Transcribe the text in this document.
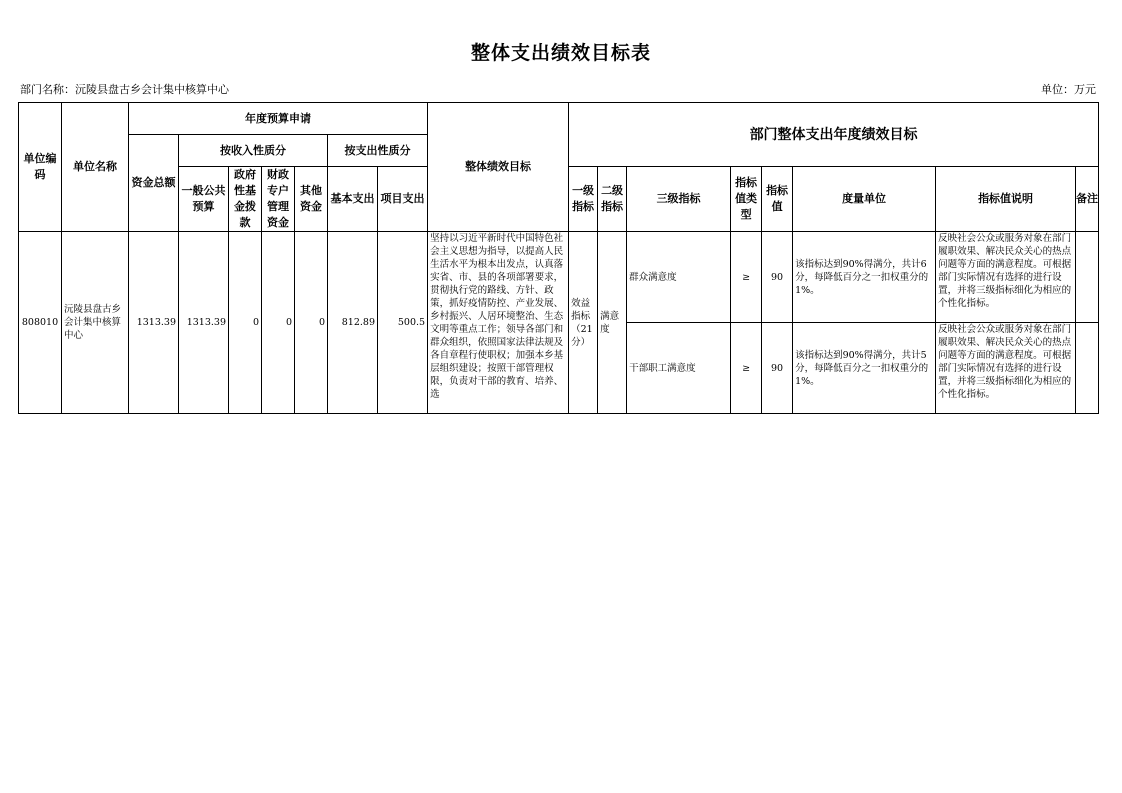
整体支出绩效目标表
部门名称：沅陵县盘古乡会计集中核算中心	单位：万元
单位编码	单位名称	年度预算申请							整体绩效目标	部门整体支出年度绩效目标							
		资金总额	按收入性质分				按支出性质分										
			一般公共预算	政府性基金拨款	财政专户管理资金	其他资金	基本支出	项目支出		一级指标	二级指标	三级指标	指标值类型	指标值	度量单位	指标值说明	备注
808010	沅陵县盘古乡会计集中核算中心	1313.39	1313.39	0	0	0	812.89	500.5	坚持以习近平新时代中国特色社会主义思想为指导，以提高人民生活水平为根本出发点，认真落实省、市、县的各项部署要求，贯彻执行党的路线、方针、政策，抓好疫情防控、产业发展、乡村振兴、人居环境整治、生态文明等重点工作；领导各部门和群众组织，依照国家法律法规及各自章程行使职权；加强本乡基层组织建设；按照干部管理权限，负责对干部的教育、培养、选	效益指标（21分）	满意度	群众满意度	≥	90	该指标达到90%得满分，共计6分，每降低百分之一扣权重分的1%。	反映社会公众或服务对象在部门履职效果、解决民众关心的热点问题等方面的满意程度。可根据部门实际情况有选择的进行设置，并将三级指标细化为相应的个性化指标。	

												干部职工满意度	≥	90	该指标达到90%得满分，共计5分，每降低百分之一扣权重分的1%。	反映社会公众或服务对象在部门履职效果、解决民众关心的热点问题等方面的满意程度。可根据部门实际情况有选择的进行设置，并将三级指标细化为相应的个性化指标。	
